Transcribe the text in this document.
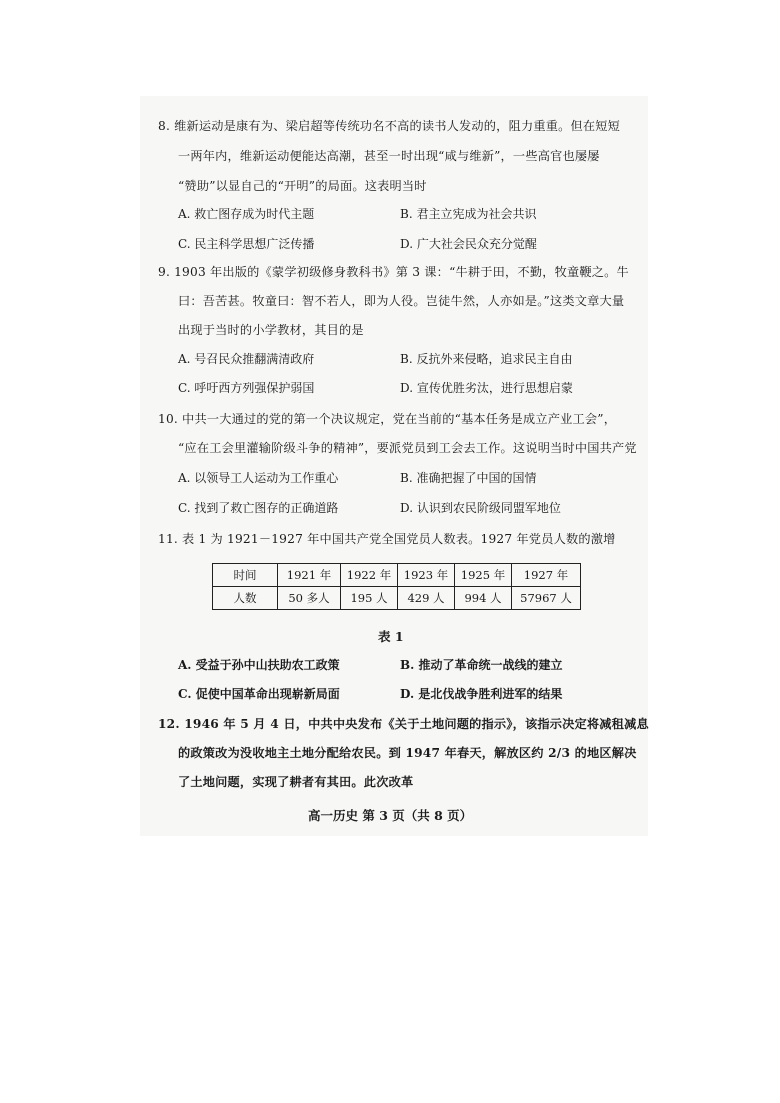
8. 维新运动是康有为、梁启超等传统功名不高的读书人发动的，阻力重重。但在短短
一两年内，维新运动便能达高潮，甚至一时出现“咸与维新”，一些高官也屡屡
“赞助”以显自己的“开明”的局面。这表明当时
A. 救亡图存成为时代主题	B. 君主立宪成为社会共识
C. 民主科学思想广泛传播	D. 广大社会民众充分觉醒
9. 1903 年出版的《蒙学初级修身教科书》第 3 课：“牛耕于田，不勤，牧童鞭之。牛
曰：吾苦甚。牧童曰：智不若人，即为人役。岂徒牛然，人亦如是。”这类文章大量
出现于当时的小学教材，其目的是
A. 号召民众推翻满清政府	B. 反抗外来侵略，追求民主自由
C. 呼吁西方列强保护弱国	D. 宣传优胜劣汰，进行思想启蒙
10. 中共一大通过的党的第一个决议规定，党在当前的“基本任务是成立产业工会”，
“应在工会里灌输阶级斗争的精神”，要派党员到工会去工作。这说明当时中国共产党
A. 以领导工人运动为工作重心	B. 准确把握了中国的国情
C. 找到了救亡图存的正确道路	D. 认识到农民阶级同盟军地位
11. 表 1 为 1921－1927 年中国共产党全国党员人数表。1927 年党员人数的激增
时间	1921 年	1922 年	1923 年	1925 年	1927 年
人数	50 多人	195 人	429 人	994 人	57967 人
表 1
A. 受益于孙中山扶助农工政策	B. 推动了革命统一战线的建立
C. 促使中国革命出现崭新局面	D. 是北伐战争胜利进军的结果
12. 1946 年 5 月 4 日，中共中央发布《关于土地问题的指示》，该指示决定将减租减息
的政策改为没收地主土地分配给农民。到 1947 年春天，解放区约 2/3 的地区解决
了土地问题，实现了耕者有其田。此次改革
高一历史 第 3 页（共 8 页）
